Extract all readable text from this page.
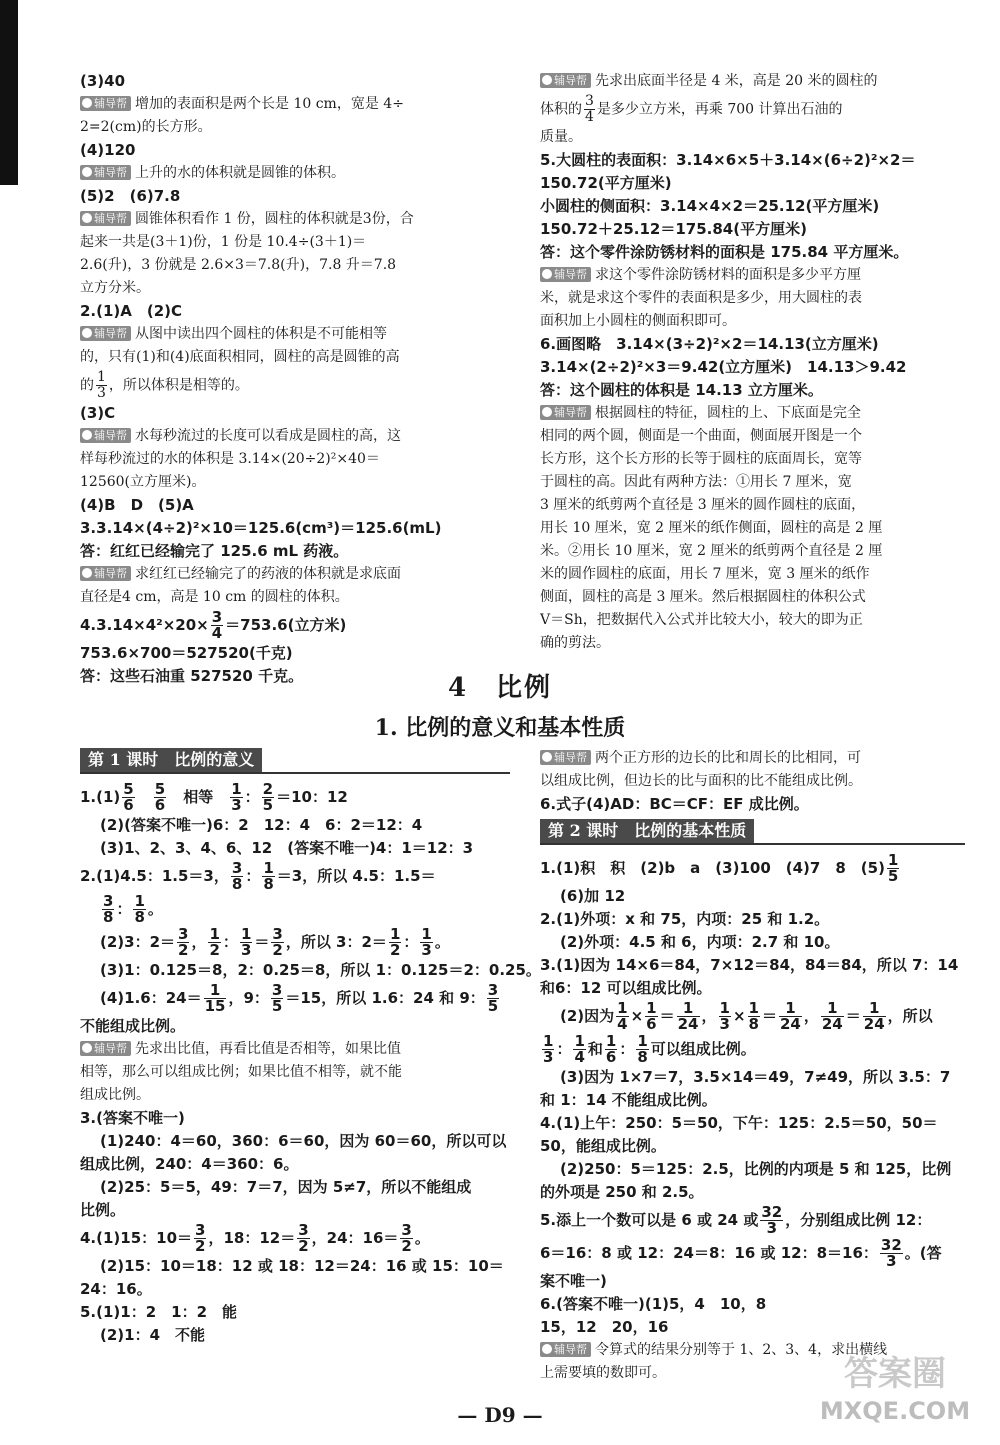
(3)40
辅导帮 增加的表面积是两个长是 10 cm，宽是 4÷
2=2(cm)的长方形。
(4)120
辅导帮 上升的水的体积就是圆锥的体积。
(5)2　(6)7.8
辅导帮 圆锥体积看作 1 份，圆柱的体积就是3份，合
起来一共是(3＋1)份，1 份是 10.4÷(3＋1)＝
2.6(升)，3 份就是 2.6×3＝7.8(升)，7.8 升＝7.8
立方分米。
2.(1)A　(2)C
辅导帮 从图中读出四个圆柱的体积是不可能相等
的，只有(1)和(4)底面积相同，圆柱的高是圆锥的高
的 $\frac{1}{3}$ ，所以体积是相等的。
(3)C
辅导帮 水每秒流过的长度可以看成是圆柱的高，这
样每秒流过的水的体积是 3.14×(20÷2)²×40＝
12560(立方厘米)。
(4)B　D　(5)A
3.3.14×(4÷2)²×10＝125.6(cm³)＝125.6(mL)
答：红红已经输完了 125.6 mL 药液。
辅导帮 求红红已经输完了的药液的体积就是求底面
直径是4 cm，高是 10 cm 的圆柱的体积。
$4.3.14\times 4^2\times 20\times \frac{3}{4} =753.6$(立方米)
753.6×700＝527520(千克)
答：这些石油重 527520 千克。
辅导帮 先求出底面半径是 4 米，高是 20 米的圆柱的
体积的 $\frac{3}{4}$ 是多少立方米，再乘 700 计算出石油的
质量。
5.大圆柱的表面积：3.14×6×5＋3.14×(6÷2)²×2＝
150.72(平方厘米)
小圆柱的侧面积：3.14×4×2＝25.12(平方厘米)
150.72＋25.12＝175.84(平方厘米)
答：这个零件涂防锈材料的面积是 175.84 平方厘米。
辅导帮 求这个零件涂防锈材料的面积是多少平方厘
米，就是求这个零件的表面积是多少，用大圆柱的表
面积加上小圆柱的侧面积即可。
6.画图略　3.14×(3÷2)²×2＝14.13(立方厘米)
3.14×(2÷2)²×3＝9.42(立方厘米)　14.13＞9.42
答：这个圆柱的体积是 14.13 立方厘米。
辅导帮 根据圆柱的特征，圆柱的上、下底面是完全
相同的两个圆，侧面是一个曲面，侧面展开图是一个
长方形，这个长方形的长等于圆柱的底面周长，宽等
于圆柱的高。因此有两种方法：①用长 7 厘米，宽
3 厘米的纸剪两个直径是 3 厘米的圆作圆柱的底面，
用长 10 厘米，宽 2 厘米的纸作侧面，圆柱的高是 2 厘
米。②用长 10 厘米，宽 2 厘米的纸剪两个直径是 2 厘
米的圆作圆柱的底面，用长 7 厘米，宽 3 厘米的纸作
侧面，圆柱的高是 3 厘米。然后根据圆柱的体积公式
V＝Sh，把数据代入公式并比较大小，较大的即为正
确的剪法。
4　比例
1. 比例的意义和基本性质
第 1 课时　比例的意义
$1.(1) \frac{5}{6}$
　 $\frac{5}{6}$ 　相等　 $\frac{1}{3}$ ： $\frac{2}{5} =10$：12
(2)(答案不唯一)6：2　12：4　6：2＝12：4
(3)1、2、3、4、6、12　(答案不唯一)4：1＝12：3
2.(1)4.5：1.5＝3， $\frac{3}{8}$ ： $\frac{1}{8} =3$，所以 4.5：1.5＝
$\frac{3}{8}$ ： $\frac{1}{8}$ 。
(2)3：$2= \frac{3}{2}$ ， $\frac{1}{2}$ ： $\frac{1}{3} = \frac{3}{2}$ ，所以 3：$2= \frac{1}{2}$ ： $\frac{1}{3}$ 。
(3)1：0.125＝8，2：0.25＝8，所以 1：0.125＝2：0.25。
(4)1.6：$24= \frac{1}{15}$ ，9： $\frac{3}{5} =15$，所以 1.6：24 和 9： $\frac{3}{5}$
不能组成比例。
辅导帮 先求出比值，再看比值是否相等，如果比值
相等，那么可以组成比例；如果比值不相等，就不能
组成比例。
3.(答案不唯一)
(1)240：4＝60，360：6＝60，因为 60＝60，所以可以
组成比例，240：4＝360：6。
(2)25：5＝5，49：7＝7，因为 5≠7，所以不能组成
比例。
4.(1)15：$10= \frac{3}{2}$ ，18：$12= \frac{3}{2}$ ，24：$16= \frac{3}{2}$ 。
(2)15：10＝18：12 或 18：12＝24：16 或 15：10＝
24：16。
5.(1)1：2　1：2　能
(2)1：4　不能
辅导帮 两个正方形的边长的比和周长的比相同，可
以组成比例，但边长的比与面积的比不能组成比例。
6.式子(4)AD：BC＝CF：EF 成比例。
第 2 课时　比例的基本性质
1.(1)积　积　(2)b　a　(3)100　(4)7　8　$(5) \frac{1}{5}$
(6)加 12
2.(1)外项：x 和 75，内项：25 和 1.2。
(2)外项：4.5 和 6，内项：2.7 和 10。
3.(1)因为 14×6＝84，7×12＝84，84＝84，所以 7：14
和6：12 可以组成比例。
(2)因为 $\frac{1}{4} \times \frac{1}{6} = \frac{1}{24}$ ， $\frac{1}{3} \times \frac{1}{8} = \frac{1}{24}$ ， $\frac{1}{24} = \frac{1}{24}$ ，所以
$\frac{1}{3}$ ： $\frac{1}{4}$ 和 $\frac{1}{6}$ ： $\frac{1}{8}$ 可以组成比例。
(3)因为 1×7＝7，3.5×14＝49，7≠49，所以 3.5：7
和 1：14 不能组成比例。
4.(1)上午：250：5＝50，下午：125：2.5＝50，50＝
50，能组成比例。
(2)250：5＝125：2.5，比例的内项是 5 和 125，比例
的外项是 250 和 2.5。
5.添上一个数可以是 6 或 24 或 $\frac{32}{3}$ ，分别组成比例 12：
6＝16：8 或 12：24＝8：16 或 12：8＝16： $\frac{32}{3}$ 。(答
案不唯一)
6.(答案不唯一)(1)5，4　10，8
15，12　20，16
辅导帮 令算式的结果分别等于 1、2、3、4，求出横线
上需要填的数即可。
— D9 —
答案圈
MXQE.COM
